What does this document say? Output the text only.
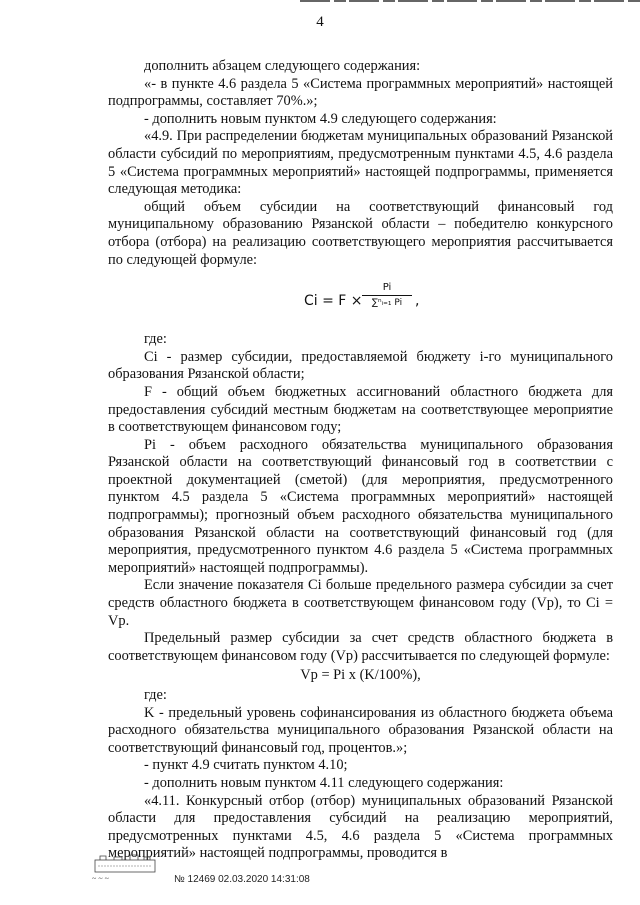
4

дополнить абзацем следующего содержания:

«- в пункте 4.6 раздела 5 «Система программных мероприятий» настоящей подпрограммы, составляет 70%.»;

- дополнить новым пунктом 4.9 следующего содержания:

«4.9. При распределении бюджетам муниципальных образований Рязанской области субсидий по мероприятиям, предусмотренным пунктами 4.5, 4.6 раздела 5 «Система программных мероприятий» настоящей подпрограммы, применяется следующая методика:

общий объем субсидии на соответствующий финансовый год муниципальному образованию Рязанской области – победителю конкурсного отбора (отбора) на реализацию соответствующего мероприятия рассчитывается по следующей формуле:

$Ci = F \times \frac{Pi}{\text{∑ⁿᵢ₌₁ Pi}}$ ,

где:

Ci - размер субсидии, предоставляемой бюджету i-го муниципального образования Рязанской области;

F - общий объем бюджетных ассигнований областного бюджета для предоставления субсидий местным бюджетам на соответствующее мероприятие в соответствующем финансовом году;

Pi - объем расходного обязательства муниципального образования Рязанской области на соответствующий финансовый год в соответствии с проектной документацией (сметой) (для мероприятия, предусмотренного пунктом 4.5 раздела 5 «Система программных мероприятий» настоящей подпрограммы); прогнозный объем расходного обязательства муниципального образования Рязанской области на соответствующий финансовый год (для мероприятия, предусмотренного пунктом 4.6 раздела 5 «Система программных мероприятий» настоящей подпрограммы).

Если значение показателя Ci больше предельного размера субсидии за счет средств областного бюджета в соответствующем финансовом году (Vp), то Ci = Vp.

Предельный размер субсидии за счет средств областного бюджета в соответствующем финансовом году (Vp) рассчитывается по следующей формуле:

Vp = Pi x (K/100%),

где:

K - предельный уровень софинансирования из областного бюджета объема расходного обязательства муниципального образования Рязанской области на соответствующий финансовый год, процентов.»;

- пункт 4.9 считать пунктом 4.10;

- дополнить новым пунктом 4.11 следующего содержания:

«4.11. Конкурсный отбор (отбор) муниципальных образований Рязанской области для предоставления субсидий на реализацию мероприятий, предусмотренных пунктами 4.5, 4.6 раздела 5 «Система программных мероприятий» настоящей подпрограммы, проводится в

~ ~ ~	№ 12469 02.03.2020 14:31:08
